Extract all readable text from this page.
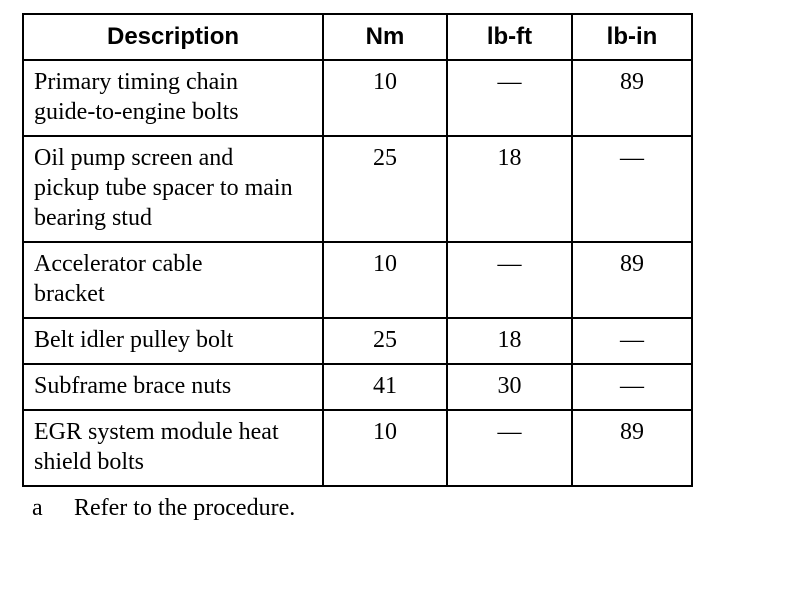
Description	Nm	lb-ft	lb-in
Primary timing chain guide-to-engine bolts	10	—	89
Oil pump screen and pickup tube spacer to main bearing stud	25	18	—
Accelerator cable bracket	10	—	89
Belt idler pulley bolt	25	18	—
Subframe brace nuts	41	30	—
EGR system module heat shield bolts	10	—	89
a Refer to the procedure.
